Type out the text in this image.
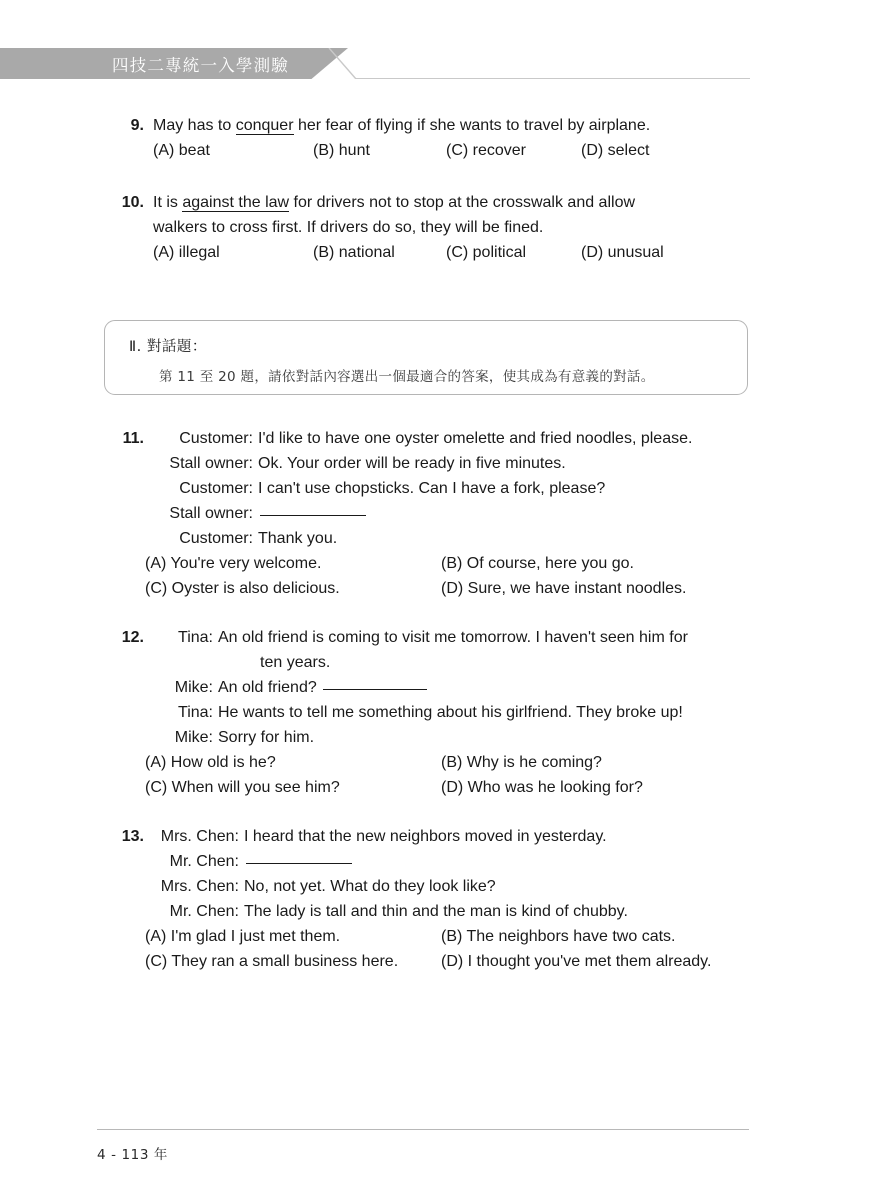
四技二專統一入學測驗
9. May has to conquer her fear of flying if she wants to travel by airplane.
(A) beat	(B) hunt	(C) recover	(D) select
10. It is against the law for drivers not to stop at the crosswalk and allow
walkers to cross first. If drivers do so, they will be fined.
(A) illegal	(B) national	(C) political	(D) unusual
Ⅱ. 對話題：
第 11 至 20 題，請依對話內容選出一個最適合的答案，使其成為有意義的對話。
11.	Customer: I'd like to have one oyster omelette and fried noodles, please.
Stall owner: Ok. Your order will be ready in five minutes.
Customer: I can't use chopsticks. Can I have a fork, please?
Stall owner:
Customer: Thank you.
(A) You're very welcome.	(B) Of course, here you go.
(C) Oyster is also delicious.	(D) Sure, we have instant noodles.
12.	Tina: An old friend is coming to visit me tomorrow. I haven't seen him for
ten years.
Mike: An old friend?
Tina: He wants to tell me something about his girlfriend. They broke up!
Mike: Sorry for him.
(A) How old is he?	(B) Why is he coming?
(C) When will you see him?	(D) Who was he looking for?
13.	Mrs. Chen: I heard that the new neighbors moved in yesterday.
Mr. Chen:
Mrs. Chen: No, not yet. What do they look like?
Mr. Chen: The lady is tall and thin and the man is kind of chubby.
(A) I'm glad I just met them.	(B) The neighbors have two cats.
(C) They ran a small business here.	(D) I thought you've met them already.
4 - 113 年
